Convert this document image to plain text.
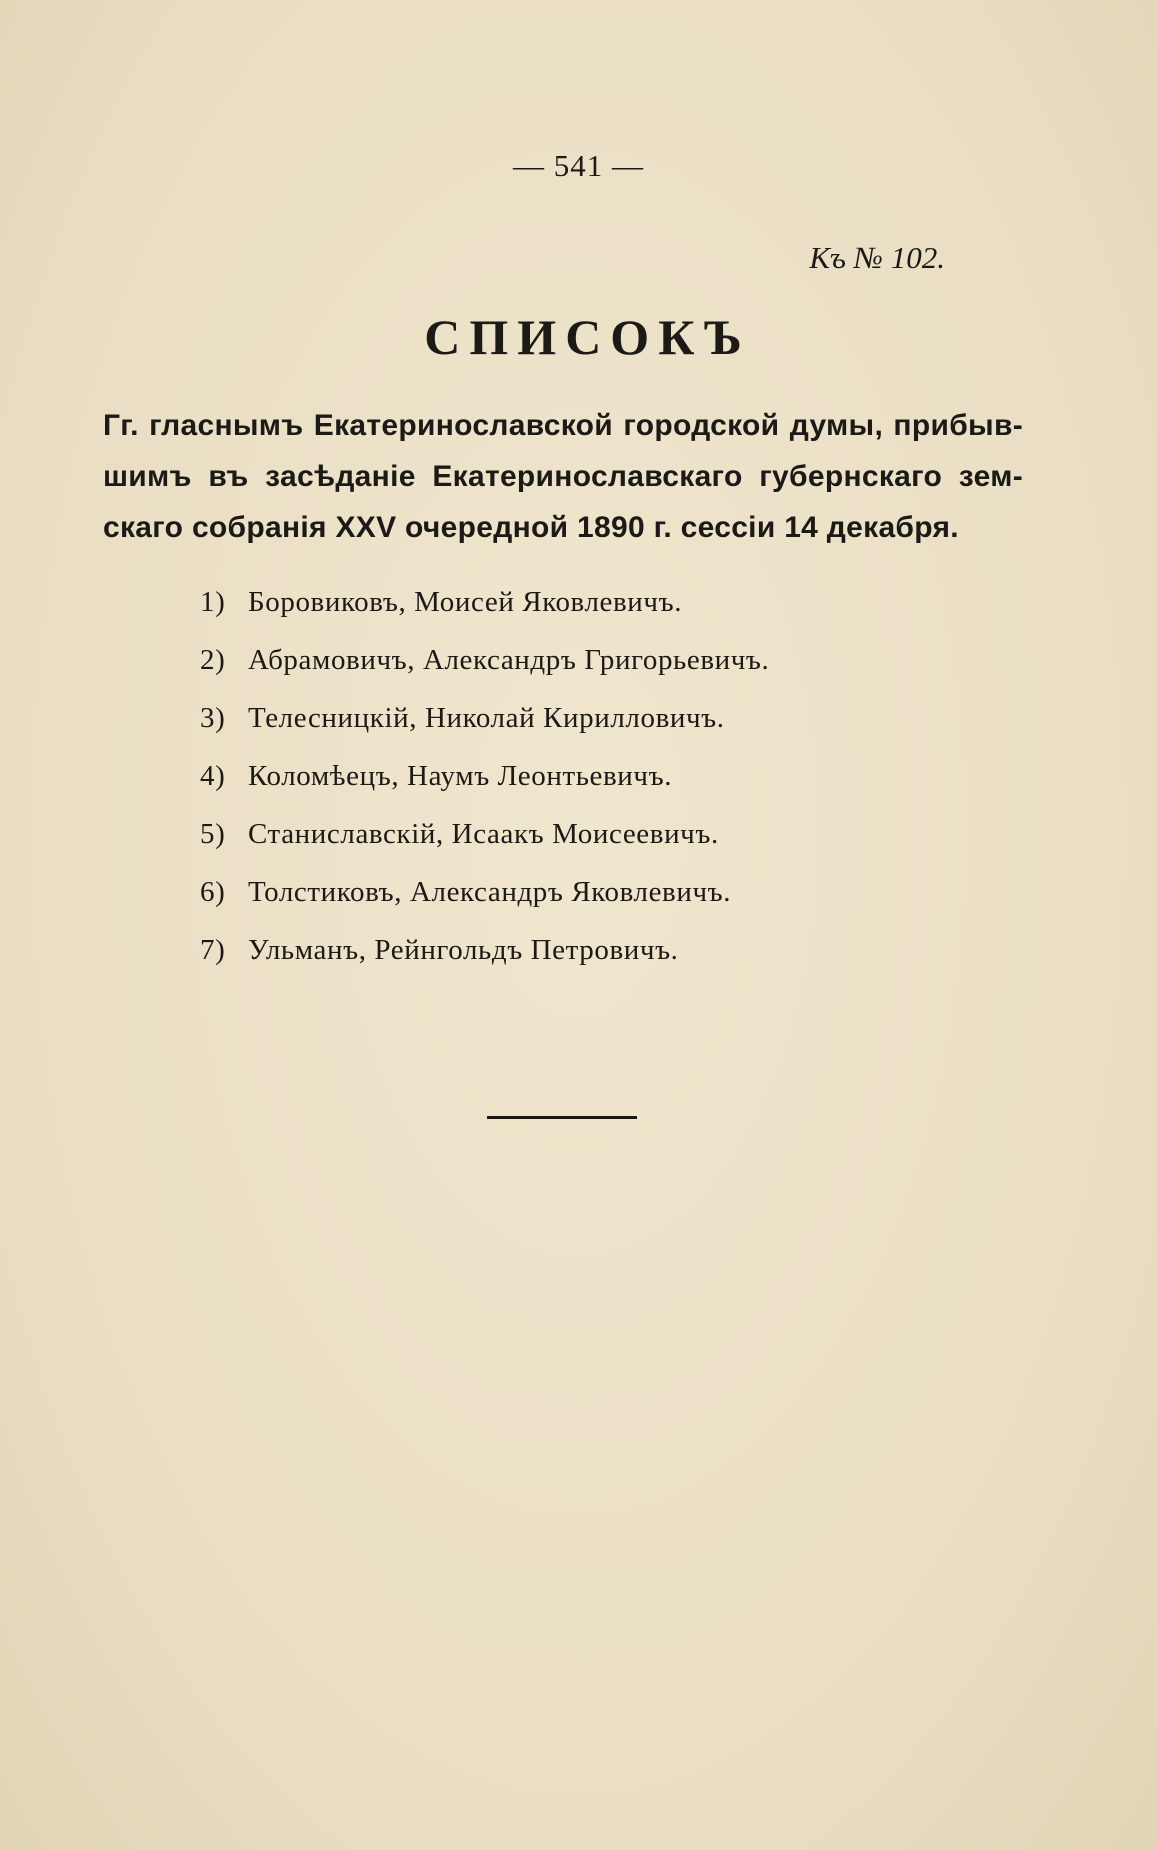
— 541 —
Къ № 102.
СПИСОКЪ
Гг. гласнымъ Екатеринославской городской думы, прибыв-
шимъ въ засѣданіе Екатеринославскаго губернскаго зем-
скаго собранія XXV очередной 1890 г. сессіи 14 декабря.
1) Боровиковъ, Моисей Яковлевичъ.
2) Абрамовичъ, Александръ Григорьевичъ.
3) Телесницкій, Николай Кирилловичъ.
4) Коломѣецъ, Наумъ Леонтьевичъ.
5) Станиславскій, Исаакъ Моисеевичъ.
6) Толстиковъ, Александръ Яковлевичъ.
7) Ульманъ, Рейнгольдъ Петровичъ.
